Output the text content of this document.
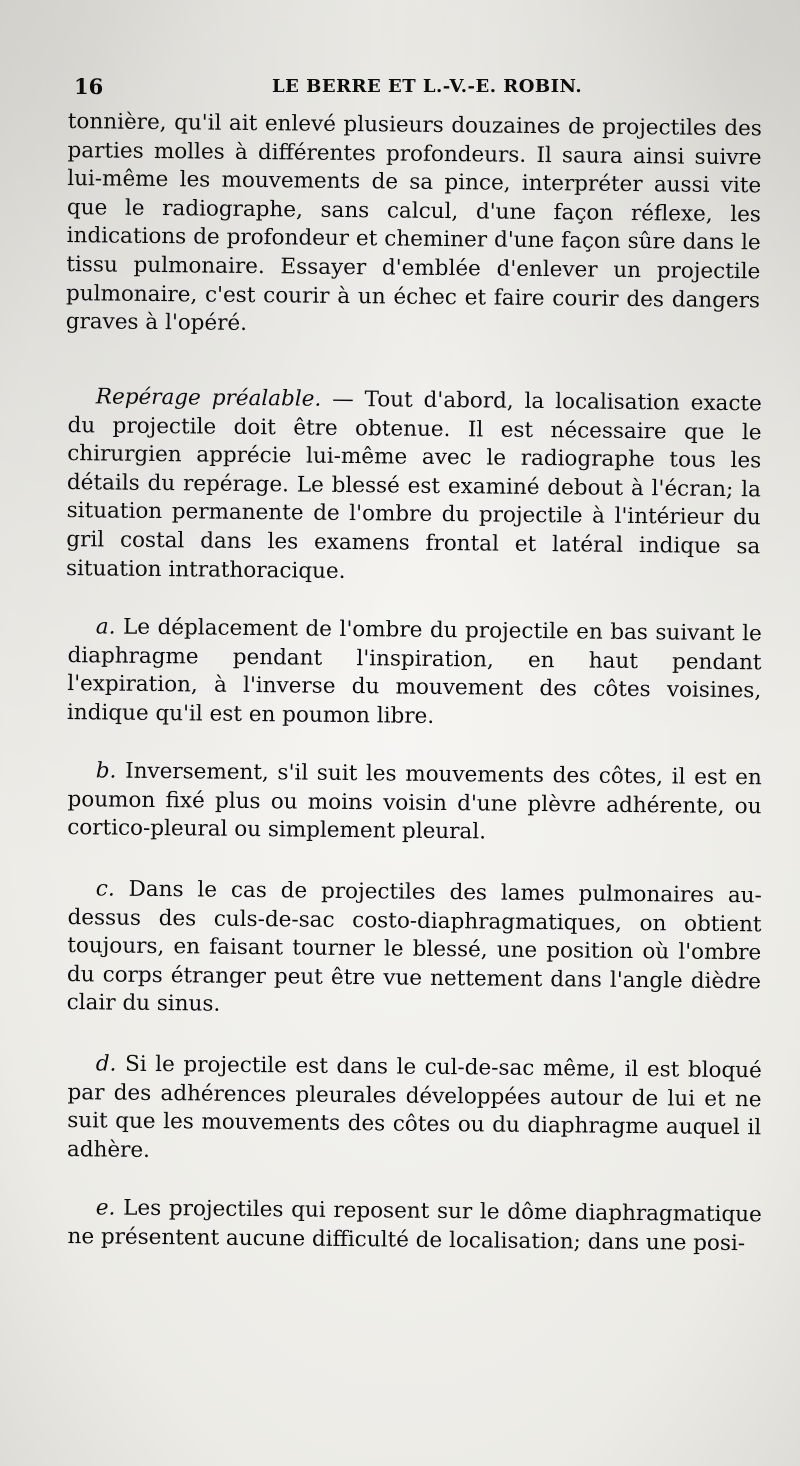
16	LE BERRE ET L.-V.-E. ROBIN.

tonnière, qu'il ait enlevé plusieurs douzaines de projectiles des parties molles à différentes profondeurs. Il saura ainsi suivre lui-même les mouvements de sa pince, interpréter aussi vite que le radiographe, sans calcul, d'une façon réflexe, les indications de profondeur et cheminer d'une façon sûre dans le tissu pulmonaire. Essayer d'emblée d'enlever un projectile pulmonaire, c'est courir à un échec et faire courir des dangers graves à l'opéré.

Repérage préalable. — Tout d'abord, la localisation exacte du projectile doit être obtenue. Il est nécessaire que le chirurgien apprécie lui-même avec le radiographe tous les détails du repérage. Le blessé est examiné debout à l'écran; la situation permanente de l'ombre du projectile à l'intérieur du gril costal dans les examens frontal et latéral indique sa situation intrathoracique.

a. Le déplacement de l'ombre du projectile en bas suivant le diaphragme pendant l'inspiration, en haut pendant l'expiration, à l'inverse du mouvement des côtes voisines, indique qu'il est en poumon libre.

b. Inversement, s'il suit les mouvements des côtes, il est en poumon fixé plus ou moins voisin d'une plèvre adhérente, ou cortico-pleural ou simplement pleural.

c. Dans le cas de projectiles des lames pulmonaires au-dessus des culs-de-sac costo-diaphragmatiques, on obtient toujours, en faisant tourner le blessé, une position où l'ombre du corps étranger peut être vue nettement dans l'angle dièdre clair du sinus.

d. Si le projectile est dans le cul-de-sac même, il est bloqué par des adhérences pleurales développées autour de lui et ne suit que les mouvements des côtes ou du diaphragme auquel il adhère.

e. Les projectiles qui reposent sur le dôme diaphragmatique ne présentent aucune difficulté de localisation; dans une posi-
